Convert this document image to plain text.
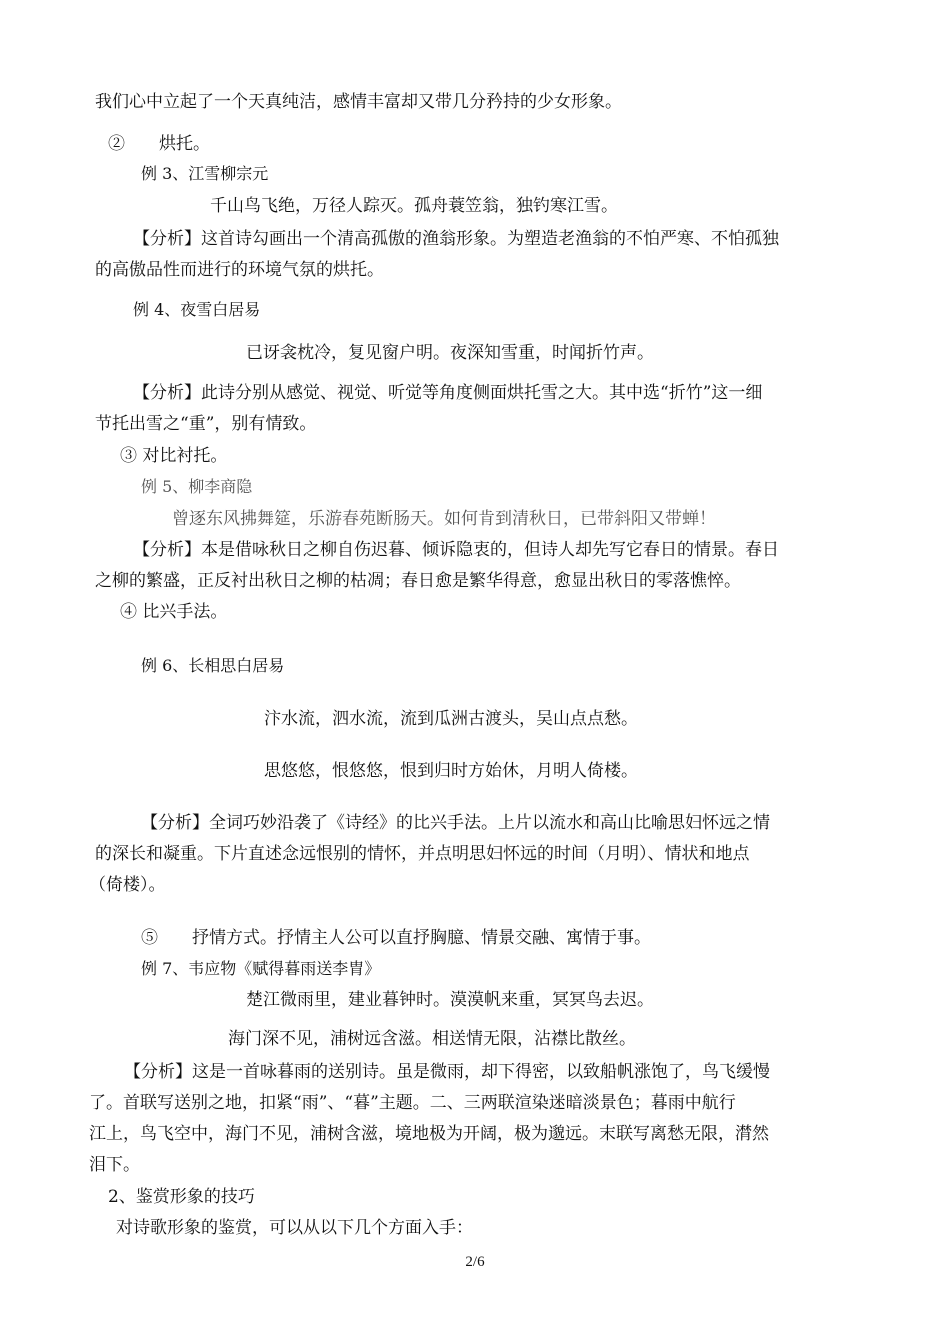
我们心中立起了一个天真纯洁，感情丰富却又带几分矜持的少女形象。
②　　烘托。
例 3、江雪柳宗元
千山鸟飞绝，万径人踪灭。孤舟蓑笠翁，独钓寒江雪。
【分析】这首诗勾画出一个清高孤傲的渔翁形象。为塑造老渔翁的不怕严寒、不怕孤独
的高傲品性而进行的环境气氛的烘托。
例 4、夜雪白居易
已讶衾枕冷，复见窗户明。夜深知雪重，时闻折竹声。
【分析】此诗分别从感觉、视觉、听觉等角度侧面烘托雪之大。其中选“折竹”这一细
节托出雪之“重”，别有情致。
③ 对比衬托。
例 5、柳李商隐
曾逐东风拂舞筵，乐游春苑断肠天。如何肯到清秋日，已带斜阳又带蝉！
【分析】本是借咏秋日之柳自伤迟暮、倾诉隐衷的，但诗人却先写它春日的情景。春日
之柳的繁盛，正反衬出秋日之柳的枯凋；春日愈是繁华得意，愈显出秋日的零落憔悴。
④ 比兴手法。
例 6、长相思白居易
汴水流，泗水流，流到瓜洲古渡头，吴山点点愁。
思悠悠，恨悠悠，恨到归时方始休，月明人倚楼。
【分析】全词巧妙沿袭了《诗经》的比兴手法。上片以流水和高山比喻思妇怀远之情
的深长和凝重。下片直述念远恨别的情怀，并点明思妇怀远的时间（月明）、情状和地点
（倚楼）。
⑤　　抒情方式。抒情主人公可以直抒胸臆、情景交融、寓情于事。
例 7、韦应物《赋得暮雨送李胄》
楚江微雨里，建业暮钟时。漠漠帆来重，冥冥鸟去迟。
海门深不见，浦树远含滋。相送情无限，沾襟比散丝。
【分析】这是一首咏暮雨的送别诗。虽是微雨，却下得密，以致船帆涨饱了，鸟飞缓慢
了。首联写送别之地，扣紧“雨”、“暮”主题。二、三两联渲染迷暗淡景色；暮雨中航行
江上，鸟飞空中，海门不见，浦树含滋，境地极为开阔，极为邈远。末联写离愁无限，潸然
泪下。
2、鉴赏形象的技巧
对诗歌形象的鉴赏，可以从以下几个方面入手：
2/6
